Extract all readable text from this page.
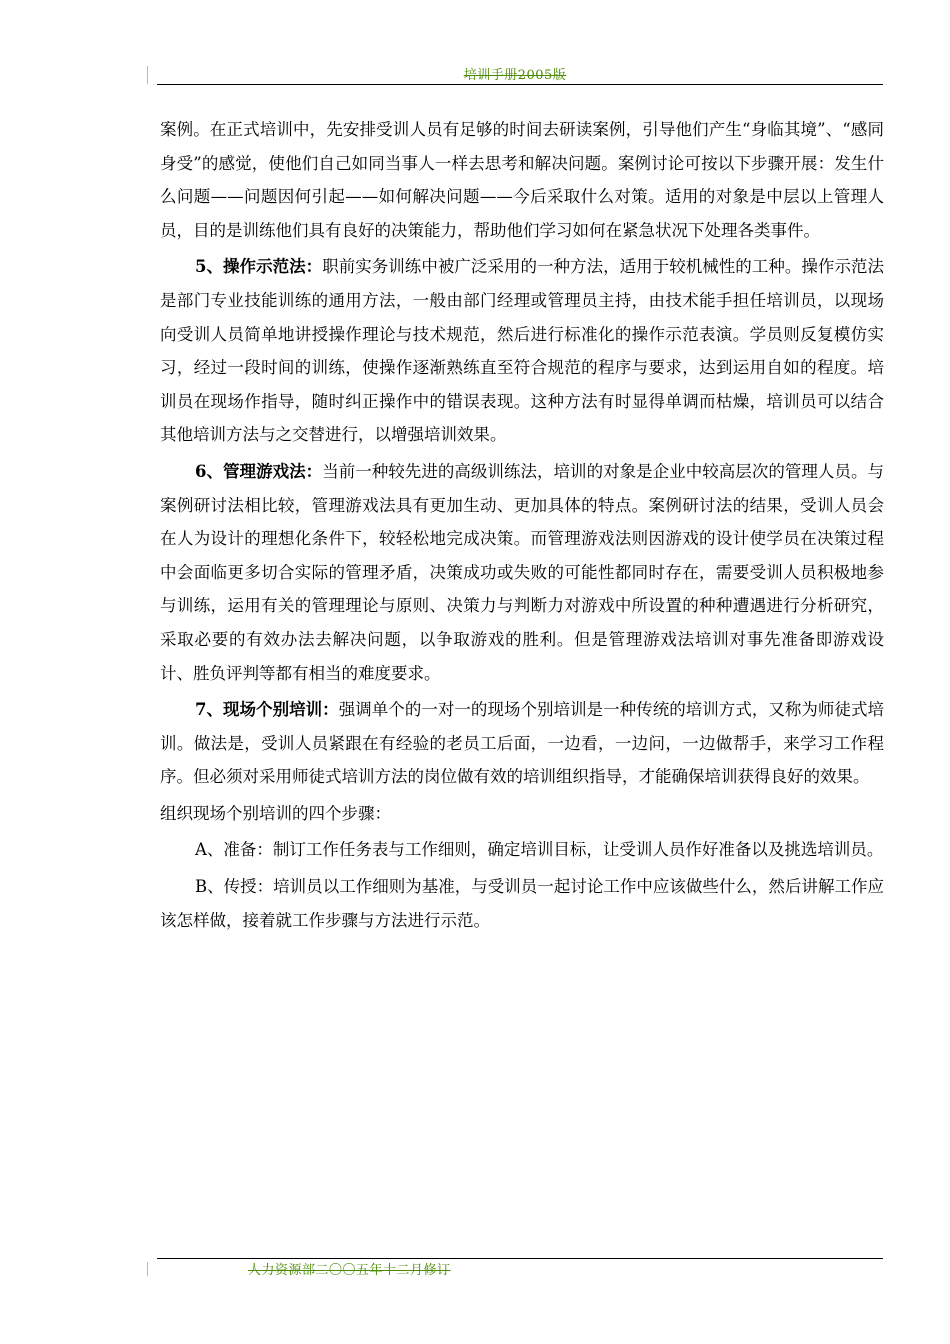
培训手册2005版

案例。在正式培训中，先安排受训人员有足够的时间去研读案例，引导他们产生“身临其境”、“感同身受”的感觉，使他们自己如同当事人一样去思考和解决问题。案例讨论可按以下步骤开展：发生什么问题——问题因何引起——如何解决问题——今后采取什么对策。适用的对象是中层以上管理人员，目的是训练他们具有良好的决策能力，帮助他们学习如何在紧急状况下处理各类事件。

5、操作示范法：职前实务训练中被广泛采用的一种方法，适用于较机械性的工种。操作示范法是部门专业技能训练的通用方法，一般由部门经理或管理员主持，由技术能手担任培训员，以现场向受训人员简单地讲授操作理论与技术规范，然后进行标准化的操作示范表演。学员则反复模仿实习，经过一段时间的训练，使操作逐渐熟练直至符合规范的程序与要求，达到运用自如的程度。培训员在现场作指导，随时纠正操作中的错误表现。这种方法有时显得单调而枯燥，培训员可以结合其他培训方法与之交替进行，以增强培训效果。

6、管理游戏法：当前一种较先进的高级训练法，培训的对象是企业中较高层次的管理人员。与案例研讨法相比较，管理游戏法具有更加生动、更加具体的特点。案例研讨法的结果，受训人员会在人为设计的理想化条件下，较轻松地完成决策。而管理游戏法则因游戏的设计使学员在决策过程中会面临更多切合实际的管理矛盾，决策成功或失败的可能性都同时存在，需要受训人员积极地参与训练，运用有关的管理理论与原则、决策力与判断力对游戏中所设置的种种遭遇进行分析研究，采取必要的有效办法去解决问题，以争取游戏的胜利。但是管理游戏法培训对事先准备即游戏设计、胜负评判等都有相当的难度要求。

7、现场个别培训：强调单个的一对一的现场个别培训是一种传统的培训方式，又称为师徒式培训。做法是，受训人员紧跟在有经验的老员工后面，一边看，一边问，一边做帮手，来学习工作程序。但必须对采用师徒式培训方法的岗位做有效的培训组织指导，才能确保培训获得良好的效果。

组织现场个别培训的四个步骤：

A、准备：制订工作任务表与工作细则，确定培训目标，让受训人员作好准备以及挑选培训员。

B、传授：培训员以工作细则为基准，与受训员一起讨论工作中应该做些什么，然后讲解工作应该怎样做，接着就工作步骤与方法进行示范。

人力资源部二〇〇五年十二月修订
